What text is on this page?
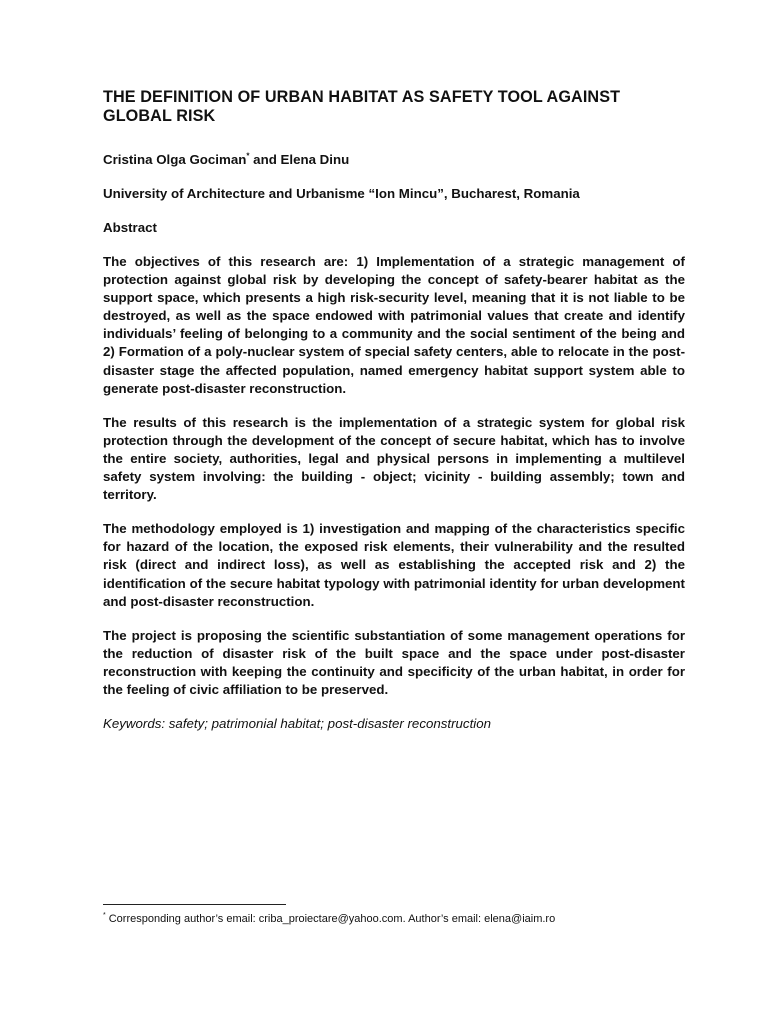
THE DEFINITION OF URBAN HABITAT AS SAFETY TOOL AGAINST GLOBAL RISK

Cristina Olga Gociman* and Elena Dinu

University of Architecture and Urbanisme “Ion Mincu”, Bucharest, Romania

Abstract

The objectives of this research are: 1) Implementation of a strategic management of protection against global risk by developing the concept of safety-bearer habitat as the support space, which presents a high risk-security level, meaning that it is not liable to be destroyed, as well as the space endowed with patrimonial values that create and identify individuals’ feeling of belonging to a community and the social sentiment of the being and 2) Formation of a poly-nuclear system of special safety centers, able to relocate in the post-disaster stage the affected population, named emergency habitat support system able to generate post-disaster reconstruction.

The results of this research is the implementation of a strategic system for global risk protection through the development of the concept of secure habitat, which has to involve the entire society, authorities, legal and physical persons in implementing a multilevel safety system involving: the building - object; vicinity - building assembly; town and territory.

The methodology employed is 1) investigation and mapping of the characteristics specific for hazard of the location, the exposed risk elements, their vulnerability and the resulted risk (direct and indirect loss), as well as establishing the accepted risk and 2) the identification of the secure habitat typology with patrimonial identity for urban development and post-disaster reconstruction.

The project is proposing the scientific substantiation of some management operations for the reduction of disaster risk of the built space and the space under post-disaster reconstruction with keeping the continuity and specificity of the urban habitat, in order for the feeling of civic affiliation to be preserved.

Keywords: safety; patrimonial habitat; post-disaster reconstruction

* Corresponding author’s email: criba_proiectare@yahoo.com. Author’s email: elena@iaim.ro
